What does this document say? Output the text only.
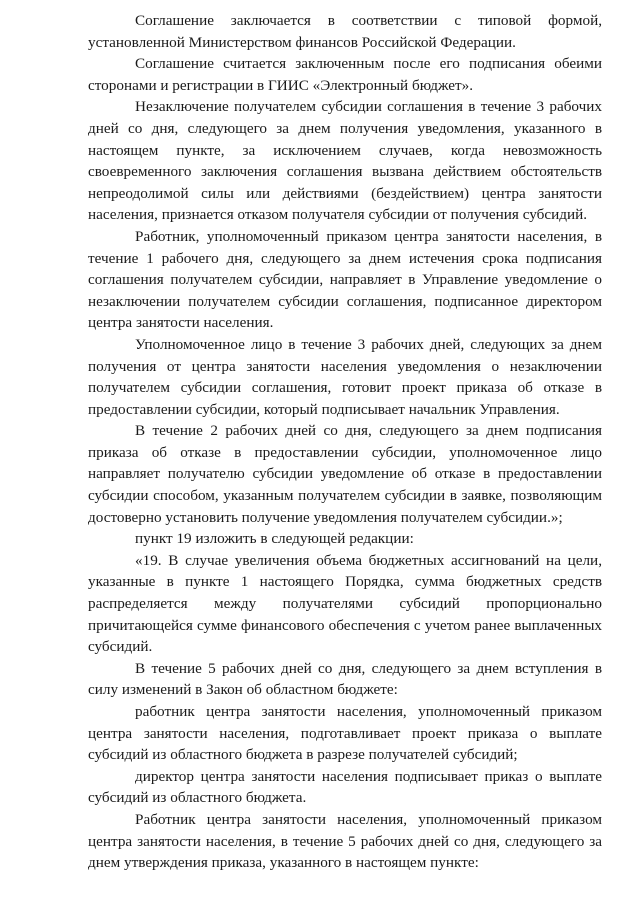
Соглашение заключается в соответствии с типовой формой, установленной Министерством финансов Российской Федерации.

Соглашение считается заключенным после его подписания обеими сторонами и регистрации в ГИИС «Электронный бюджет».

Незаключение получателем субсидии соглашения в течение 3 рабочих дней со дня, следующего за днем получения уведомления, указанного в настоящем пункте, за исключением случаев, когда невозможность своевременного заключения соглашения вызвана действием обстоятельств непреодолимой силы или действиями (бездействием) центра занятости населения, признается отказом получателя субсидии от получения субсидий.

Работник, уполномоченный приказом центра занятости населения, в течение 1 рабочего дня, следующего за днем истечения срока подписания соглашения получателем субсидии, направляет в Управление уведомление о незаключении получателем субсидии соглашения, подписанное директором центра занятости населения.

Уполномоченное лицо в течение 3 рабочих дней, следующих за днем получения от центра занятости населения уведомления о незаключении получателем субсидии соглашения, готовит проект приказа об отказе в предоставлении субсидии, который подписывает начальник Управления.

В течение 2 рабочих дней со дня, следующего за днем подписания приказа об отказе в предоставлении субсидии, уполномоченное лицо направляет получателю субсидии уведомление об отказе в предоставлении субсидии способом, указанным получателем субсидии в заявке, позволяющим достоверно установить получение уведомления получателем субсидии.»;

пункт 19 изложить в следующей редакции:

«19. В случае увеличения объема бюджетных ассигнований на цели, указанные в пункте 1 настоящего Порядка, сумма бюджетных средств распределяется между получателями субсидий пропорционально причитающейся сумме финансового обеспечения с учетом ранее выплаченных субсидий.

В течение 5 рабочих дней со дня, следующего за днем вступления в силу изменений в Закон об областном бюджете:

работник центра занятости населения, уполномоченный приказом центра занятости населения, подготавливает проект приказа о выплате субсидий из областного бюджета в разрезе получателей субсидий;

директор центра занятости населения подписывает приказ о выплате субсидий из областного бюджета.

Работник центра занятости населения, уполномоченный приказом центра занятости населения, в течение 5 рабочих дней со дня, следующего за днем утверждения приказа, указанного в настоящем пункте:
